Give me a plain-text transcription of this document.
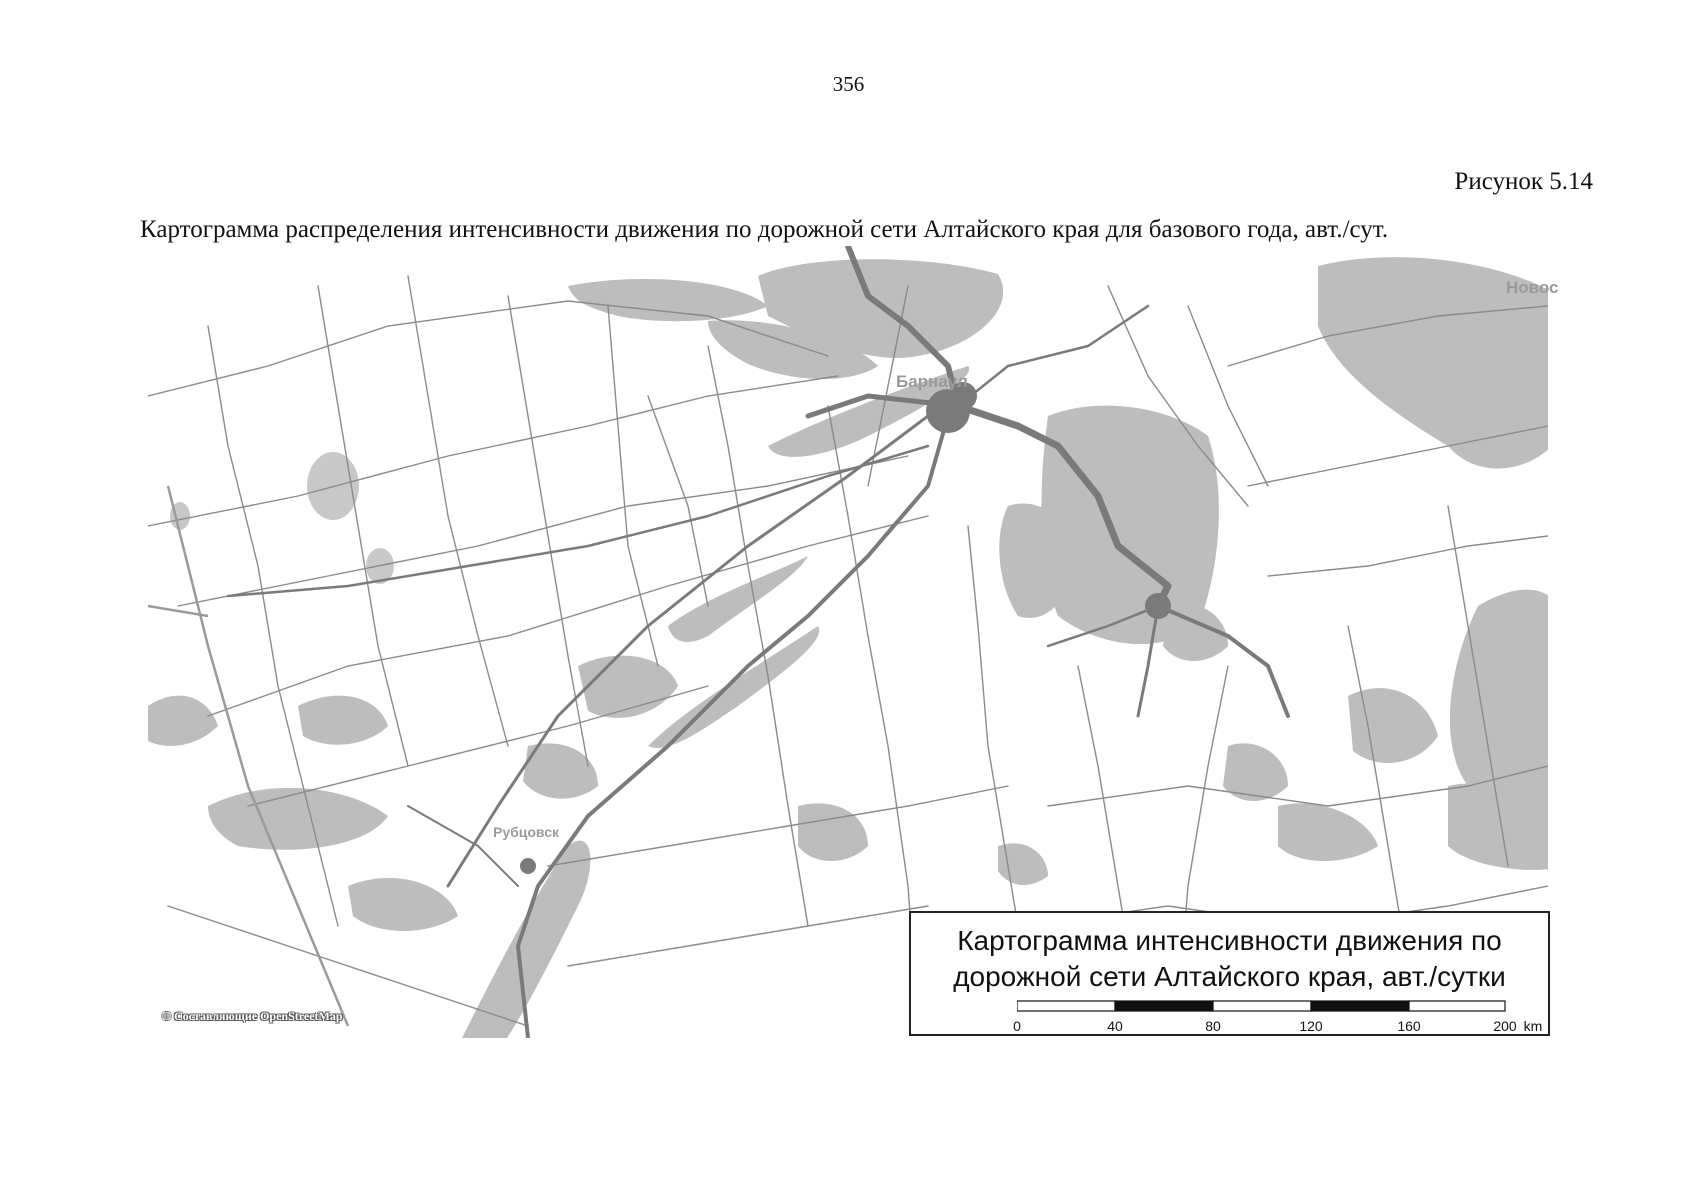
356
Рисунок 5.14
Картограмма распределения интенсивности движения по дорожной сети Алтайского края для базового года, авт./сут.
Барнаул
Рубцовск
Новос
© Составляющие OpenStreetMap
Картограмма интенсивности движения по
дорожной сети Алтайского края, авт./сутки
0	40	80	120	160	200 km
